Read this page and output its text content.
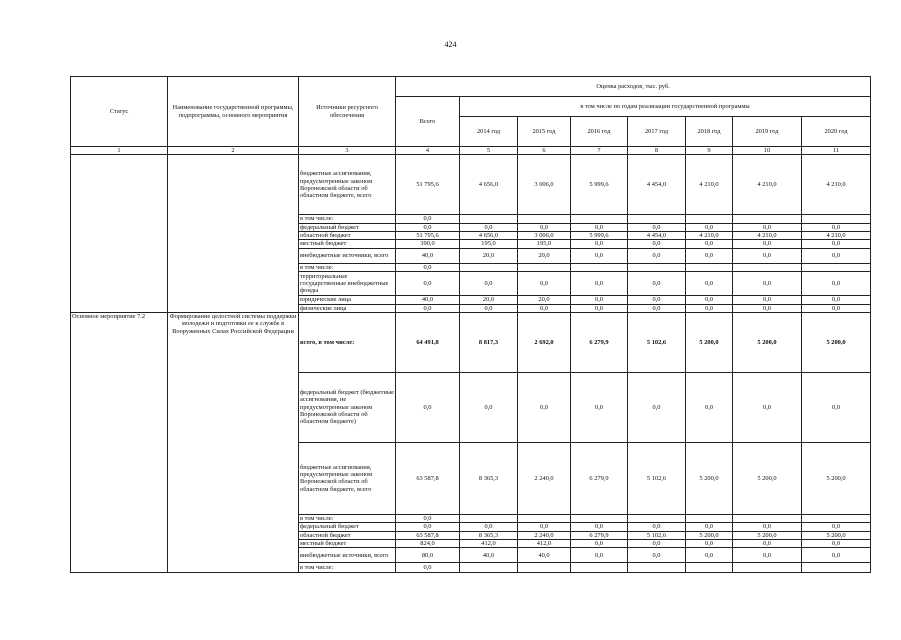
424
Статус	Наименование государственной программы, подпрограммы, основного мероприятия	Источники ресурсного обеспечения	Оценка расходов, тыс. руб.							
			Всего	в том числе по годам реализации государственной программы						
				2014 год	2015 год	2016 год	2017 год	2018 год	2019 год	2020 год
1	2	3	4	5	6	7	8	9	10	11
		бюджетные ассигнования, предусмотренные законом Воронежской области об областном бюджете, всего	51 795,6	4 656,0	3 006,0	5 999,6	4 454,0	4 210,0	4 210,0	4 210,0
		в том числе:	0,0							
		федеральный бюджет	0,0	0,0	0,0	0,0	0,0	0,0	0,0	0,0
		областной бюджет	51 795,6	4 656,0	3 006,0	5 999,6	4 454,0	4 210,0	4 210,0	4 210,0
		местный бюджет	390,0	195,0	195,0	0,0	0,0	0,0	0,0	0,0
		внебюджетные источники, всего	40,0	20,0	20,0	0,0	0,0	0,0	0,0	0,0
		в том числе:	0,0							
		территориальные государственные внебюджетные фонды	0,0	0,0	0,0	0,0	0,0	0,0	0,0	0,0
		юридические лица	40,0	20,0	20,0	0,0	0,0	0,0	0,0	0,0
		физические лица	0,0	0,0	0,0	0,0	0,0	0,0	0,0	0,0
Основное мероприятие 7.2	Формирование целостной системы поддержки молодежи и подготовки ее к службе в Вооруженных Силах Российской Федерации	всего, в том числе:	64 491,8	8 817,3	2 692,0	6 279,9	5 102,6	5 200,0	5 200,0	5 200,0
		федеральный бюджет (бюджетные ассигнования, не предусмотренные законом Воронежской области об областном бюджете)	0,0	0,0	0,0	0,0	0,0	0,0	0,0	0,0
		бюджетные ассигнования, предусмотренные законом Воронежской области об областном бюджете, всего	63 587,8	8 365,3	2 240,0	6 279,9	5 102,6	5 200,0	5 200,0	5 200,0
		в том числе:	0,0							
		федеральный бюджет	0,0	0,0	0,0	0,0	0,0	0,0	0,0	0,0
		областной бюджет	63 587,8	8 365,3	2 240,0	6 279,9	5 102,6	5 200,0	5 200,0	5 200,0
		местный бюджет	824,0	412,0	412,0	0,0	0,0	0,0	0,0	0,0
		внебюджетные источники, всего	80,0	40,0	40,0	0,0	0,0	0,0	0,0	0,0
		в том числе:	0,0							
